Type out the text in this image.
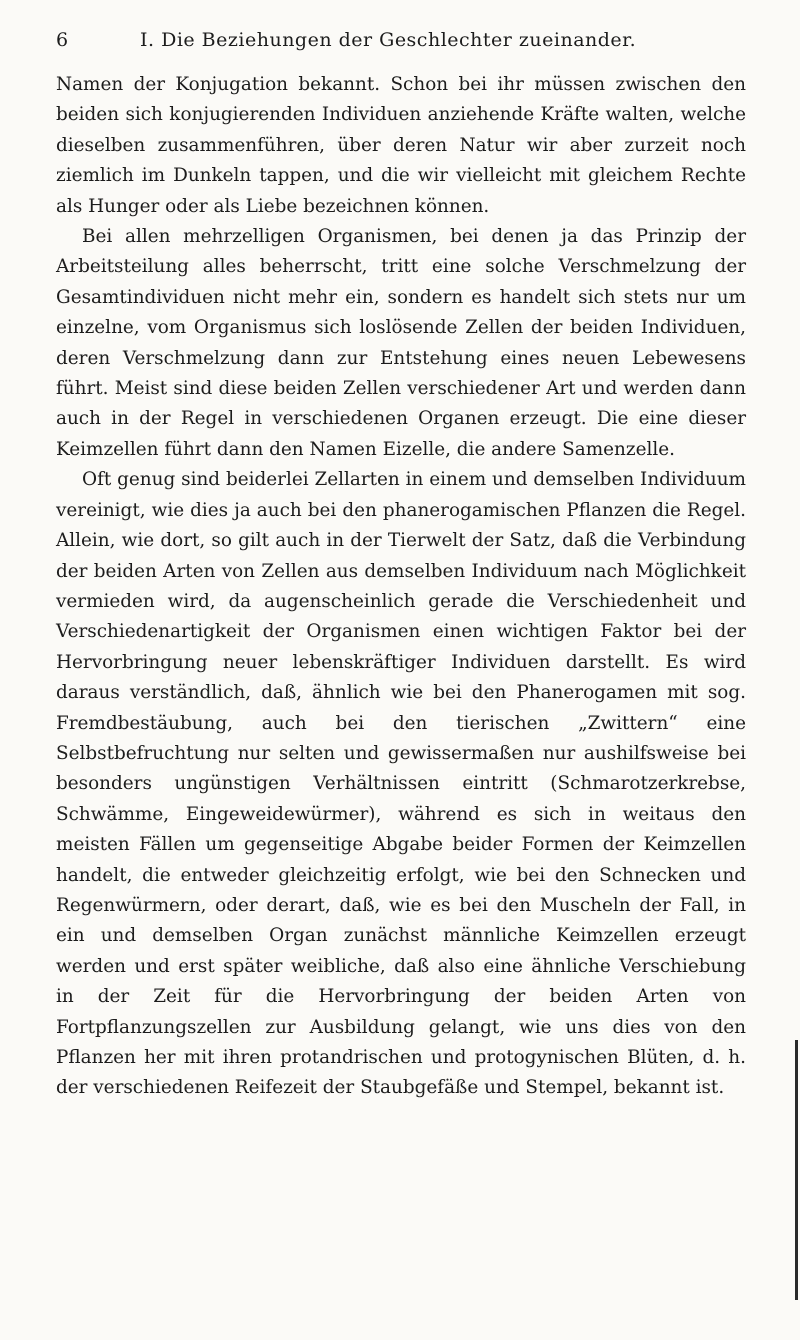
6	I. Die Beziehungen der Geschlechter zueinander.

Namen der Konjugation bekannt. Schon bei ihr müssen zwischen den beiden sich konjugierenden Individuen anziehende Kräfte walten, welche dieselben zusammenführen, über deren Natur wir aber zurzeit noch ziemlich im Dunkeln tappen, und die wir vielleicht mit gleichem Rechte als Hunger oder als Liebe bezeichnen können.

Bei allen mehrzelligen Organismen, bei denen ja das Prinzip der Arbeitsteilung alles beherrscht, tritt eine solche Verschmelzung der Gesamtindividuen nicht mehr ein, sondern es handelt sich stets nur um einzelne, vom Organismus sich loslösende Zellen der beiden Individuen, deren Verschmelzung dann zur Entstehung eines neuen Lebewesens führt. Meist sind diese beiden Zellen verschiedener Art und werden dann auch in der Regel in verschiedenen Organen erzeugt. Die eine dieser Keimzellen führt dann den Namen Eizelle, die andere Samenzelle.

Oft genug sind beiderlei Zellarten in einem und demselben Individuum vereinigt, wie dies ja auch bei den phanerogamischen Pflanzen die Regel. Allein, wie dort, so gilt auch in der Tierwelt der Satz, daß die Verbindung der beiden Arten von Zellen aus demselben Individuum nach Möglichkeit vermieden wird, da augenscheinlich gerade die Verschiedenheit und Verschiedenartigkeit der Organismen einen wichtigen Faktor bei der Hervorbringung neuer lebenskräftiger Individuen darstellt. Es wird daraus verständlich, daß, ähnlich wie bei den Phanerogamen mit sog. Fremdbestäubung, auch bei den tierischen „Zwittern“ eine Selbstbefruchtung nur selten und gewissermaßen nur aushilfsweise bei besonders ungünstigen Verhältnissen eintritt (Schmarotzerkrebse, Schwämme, Eingeweidewürmer), während es sich in weitaus den meisten Fällen um gegenseitige Abgabe beider Formen der Keimzellen handelt, die entweder gleichzeitig erfolgt, wie bei den Schnecken und Regenwürmern, oder derart, daß, wie es bei den Muscheln der Fall, in ein und demselben Organ zunächst männliche Keimzellen erzeugt werden und erst später weibliche, daß also eine ähnliche Verschiebung in der Zeit für die Hervorbringung der beiden Arten von Fortpflanzungszellen zur Ausbildung gelangt, wie uns dies von den Pflanzen her mit ihren protandrischen und protogynischen Blüten, d. h. der verschiedenen Reifezeit der Staubgefäße und Stempel, bekannt ist.
